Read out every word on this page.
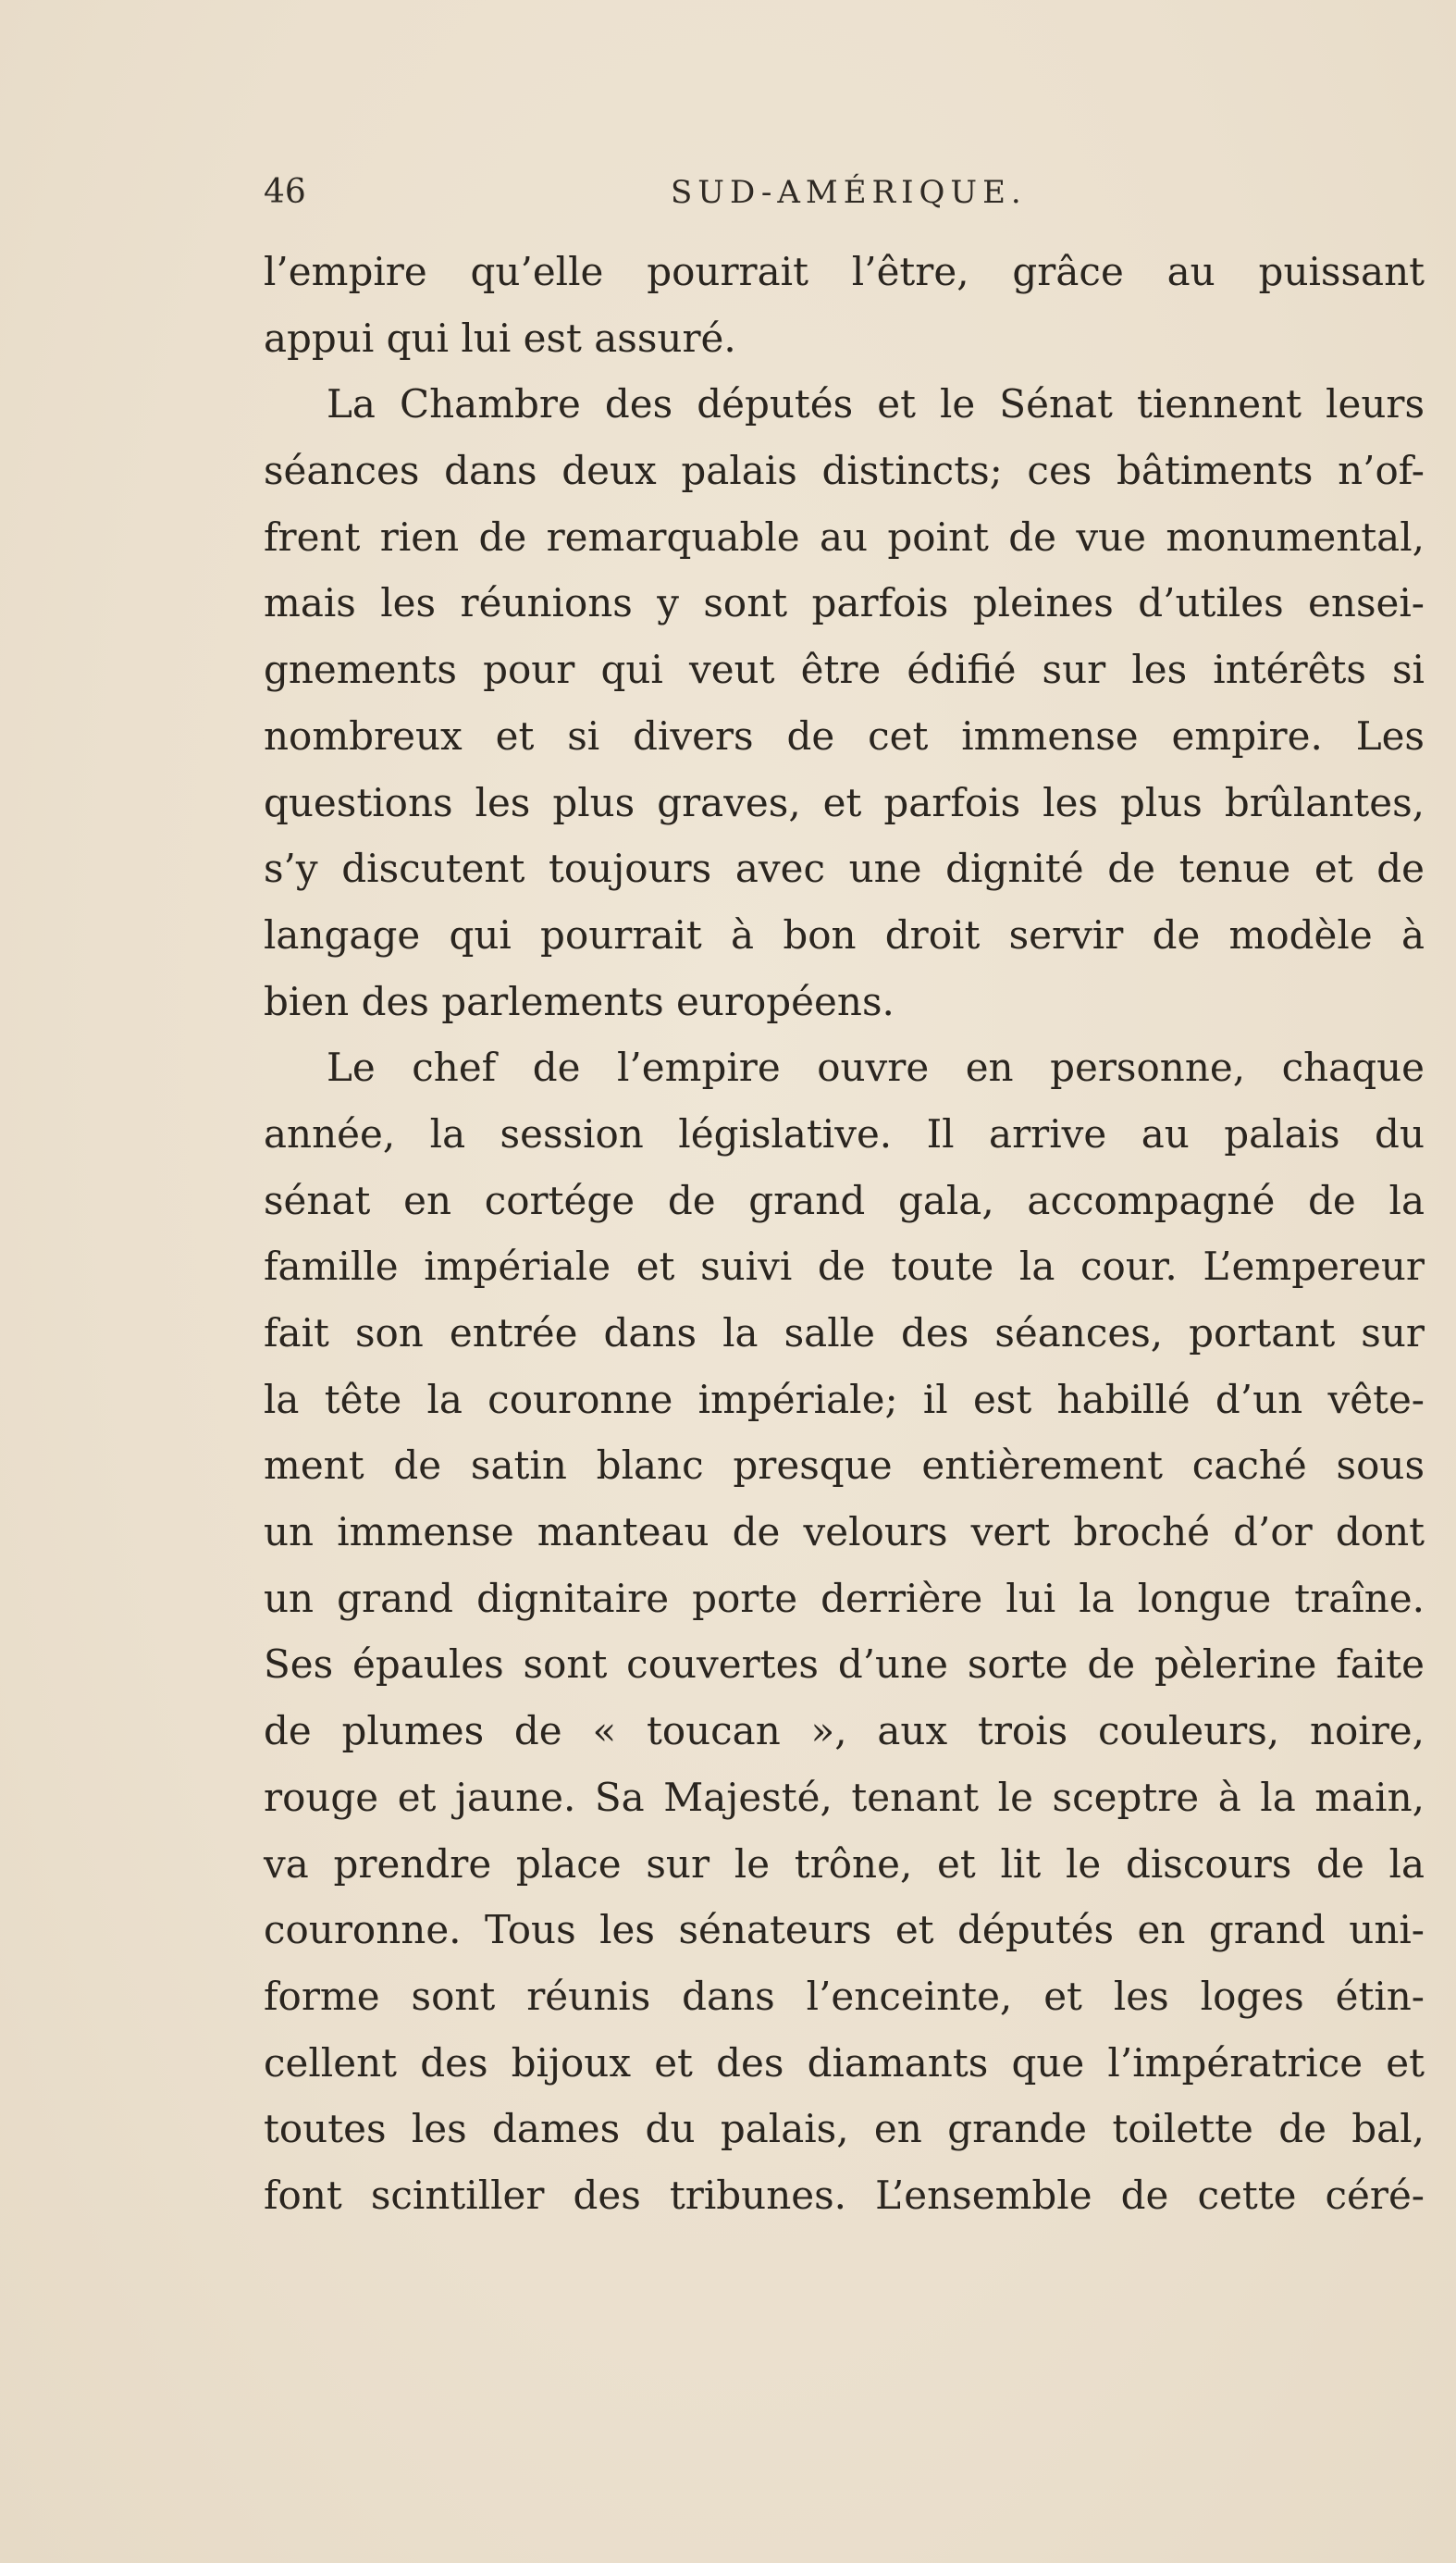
46	SUD-AMÉRIQUE.
l’empire qu’elle pourrait l’être, grâce au puissant
appui qui lui est assuré.
La Chambre des députés et le Sénat tiennent leurs
séances dans deux palais distincts; ces bâtiments n’of-
frent rien de remarquable au point de vue monumental,
mais les réunions y sont parfois pleines d’utiles ensei-
gnements pour qui veut être édifié sur les intérêts si
nombreux et si divers de cet immense empire. Les
questions les plus graves, et parfois les plus brûlantes,
s’y discutent toujours avec une dignité de tenue et de
langage qui pourrait à bon droit servir de modèle à
bien des parlements européens.
Le chef de l’empire ouvre en personne, chaque
année, la session législative. Il arrive au palais du
sénat en cortége de grand gala, accompagné de la
famille impériale et suivi de toute la cour. L’empereur
fait son entrée dans la salle des séances, portant sur
la tête la couronne impériale; il est habillé d’un vête-
ment de satin blanc presque entièrement caché sous
un immense manteau de velours vert broché d’or dont
un grand dignitaire porte derrière lui la longue traîne.
Ses épaules sont couvertes d’une sorte de pèlerine faite
de plumes de « toucan », aux trois couleurs, noire,
rouge et jaune. Sa Majesté, tenant le sceptre à la main,
va prendre place sur le trône, et lit le discours de la
couronne. Tous les sénateurs et députés en grand uni-
forme sont réunis dans l’enceinte, et les loges étin-
cellent des bijoux et des diamants que l’impératrice et
toutes les dames du palais, en grande toilette de bal,
font scintiller des tribunes. L’ensemble de cette céré-
